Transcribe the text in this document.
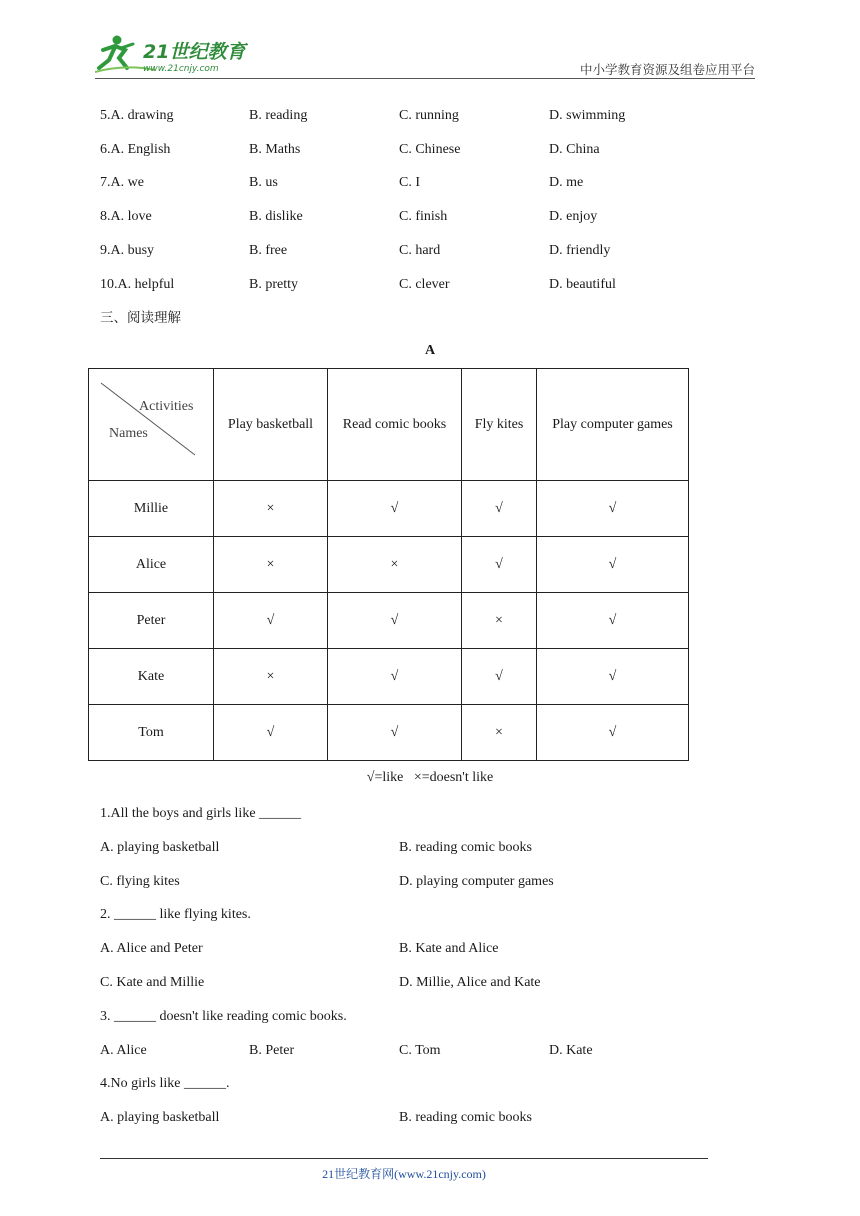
21世纪教育
www.21cnjy.com	中小学教育资源及组卷应用平台
5.A. drawing	B. reading	C. running	D. swimming
6.A. English	B. Maths	C. Chinese	D. China
7.A. we	B. us	C. I	D. me
8.A. love	B. dislike	C. finish	D. enjoy
9.A. busy	B. free	C. hard	D. friendly
10.A. helpful	B. pretty	C. clever	D. beautiful
三、阅读理解
A
Activities
Names	Play basketball	Read comic books	Fly kites	Play computer games
Millie	×	√	√	√
Alice	×	×	√	√
Peter	√	√	×	√
Kate	×	√	√	√
Tom	√	√	×	√
√=like   ×=doesn't like
1.All the boys and girls like ______
A. playing basketball	B. reading comic books
C. flying kites	D. playing computer games
2. ______ like flying kites.
A. Alice and Peter	B. Kate and Alice
C. Kate and Millie	D. Millie, Alice and Kate
3. ______ doesn't like reading comic books.
A. Alice	B. Peter	C. Tom	D. Kate
4.No girls like ______.
A. playing basketball	B. reading comic books
21世纪教育网(www.21cnjy.com)
